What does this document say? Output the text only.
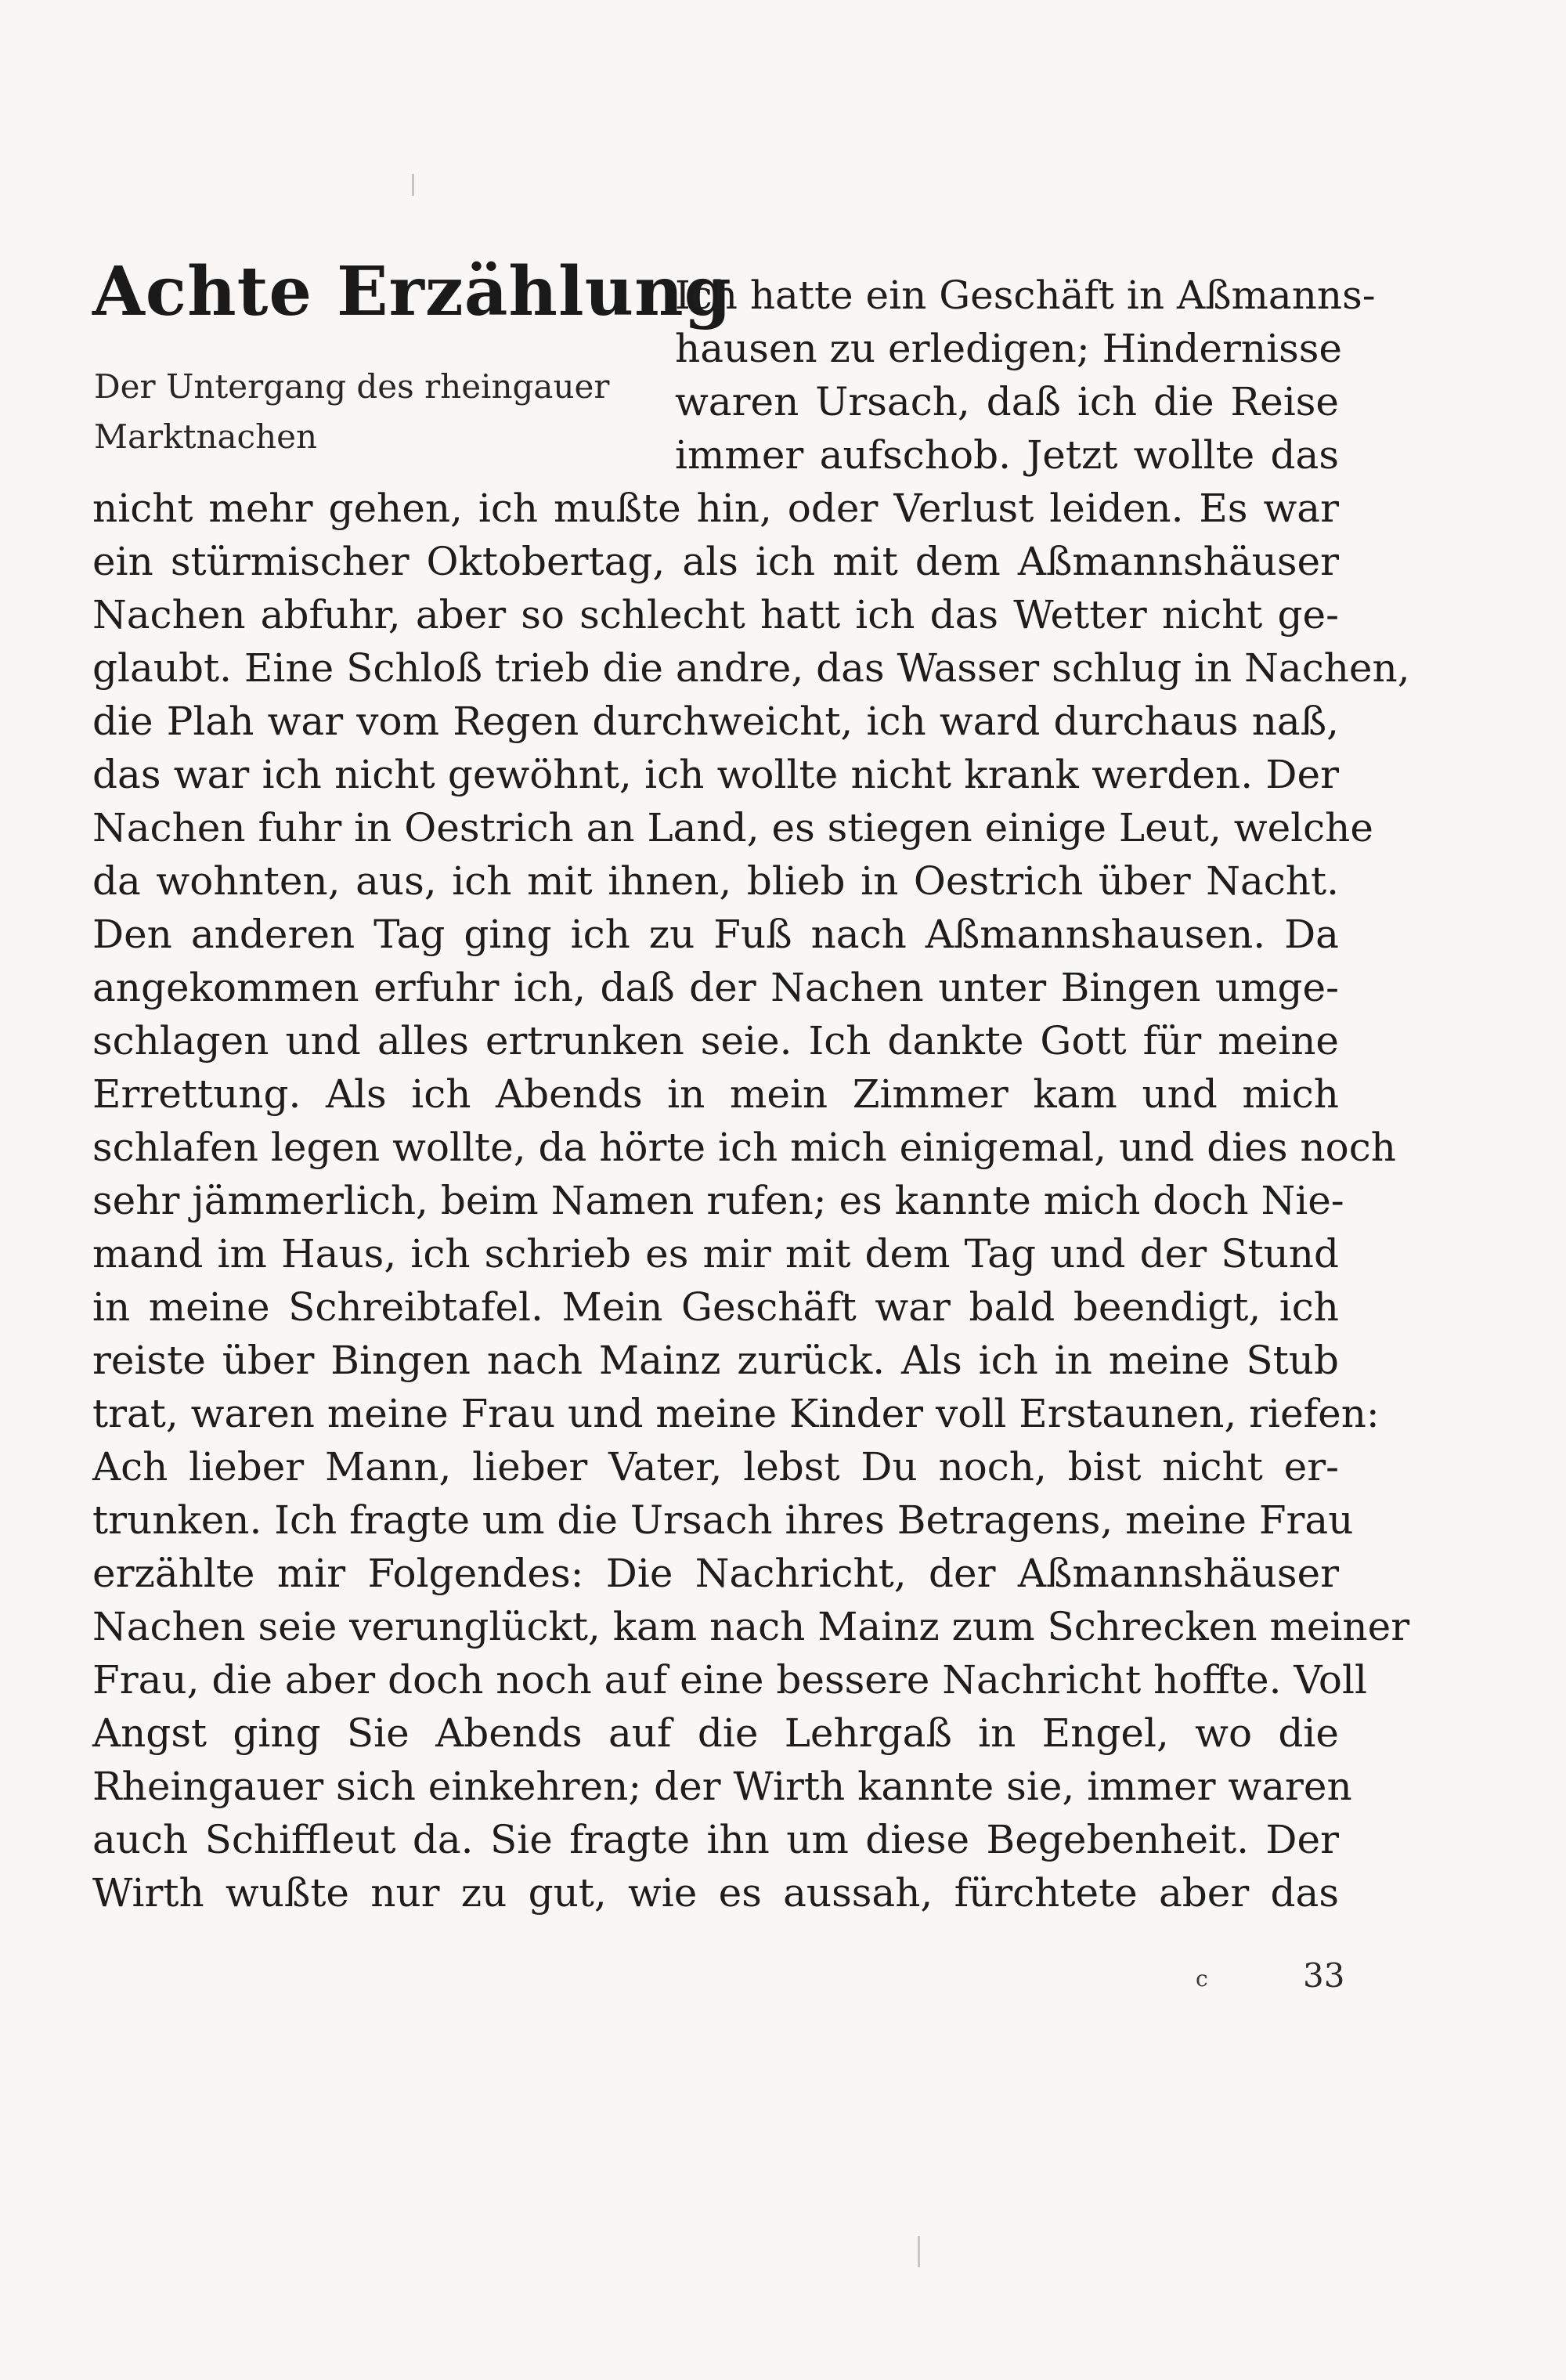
Achte Erzählung
Der Untergang des rheingauer Marktnachen
Ich hatte ein Geschäft in Aßmanns-
hausen zu erledigen; Hindernisse
waren Ursach, daß ich die Reise
immer aufschob. Jetzt wollte das
nicht mehr gehen, ich mußte hin, oder Verlust leiden. Es war
ein stürmischer Oktobertag, als ich mit dem Aßmannshäuser
Nachen abfuhr, aber so schlecht hatt ich das Wetter nicht ge-
glaubt. Eine Schloß trieb die andre, das Wasser schlug in Nachen,
die Plah war vom Regen durchweicht, ich ward durchaus naß,
das war ich nicht gewöhnt, ich wollte nicht krank werden. Der
Nachen fuhr in Oestrich an Land, es stiegen einige Leut, welche
da wohnten, aus, ich mit ihnen, blieb in Oestrich über Nacht.
Den anderen Tag ging ich zu Fuß nach Aßmannshausen. Da
angekommen erfuhr ich, daß der Nachen unter Bingen umge-
schlagen und alles ertrunken seie. Ich dankte Gott für meine
Errettung. Als ich Abends in mein Zimmer kam und mich
schlafen legen wollte, da hörte ich mich einigemal, und dies noch
sehr jämmerlich, beim Namen rufen; es kannte mich doch Nie-
mand im Haus, ich schrieb es mir mit dem Tag und der Stund
in meine Schreibtafel. Mein Geschäft war bald beendigt, ich
reiste über Bingen nach Mainz zurück. Als ich in meine Stub
trat, waren meine Frau und meine Kinder voll Erstaunen, riefen:
Ach lieber Mann, lieber Vater, lebst Du noch, bist nicht er-
trunken. Ich fragte um die Ursach ihres Betragens, meine Frau
erzählte mir Folgendes: Die Nachricht, der Aßmannshäuser
Nachen seie verunglückt, kam nach Mainz zum Schrecken meiner
Frau, die aber doch noch auf eine bessere Nachricht hoffte. Voll
Angst ging Sie Abends auf die Lehrgaß in Engel, wo die
Rheingauer sich einkehren; der Wirth kannte sie, immer waren
auch Schiffleut da. Sie fragte ihn um diese Begebenheit. Der
Wirth wußte nur zu gut, wie es aussah, fürchtete aber das
c	33
